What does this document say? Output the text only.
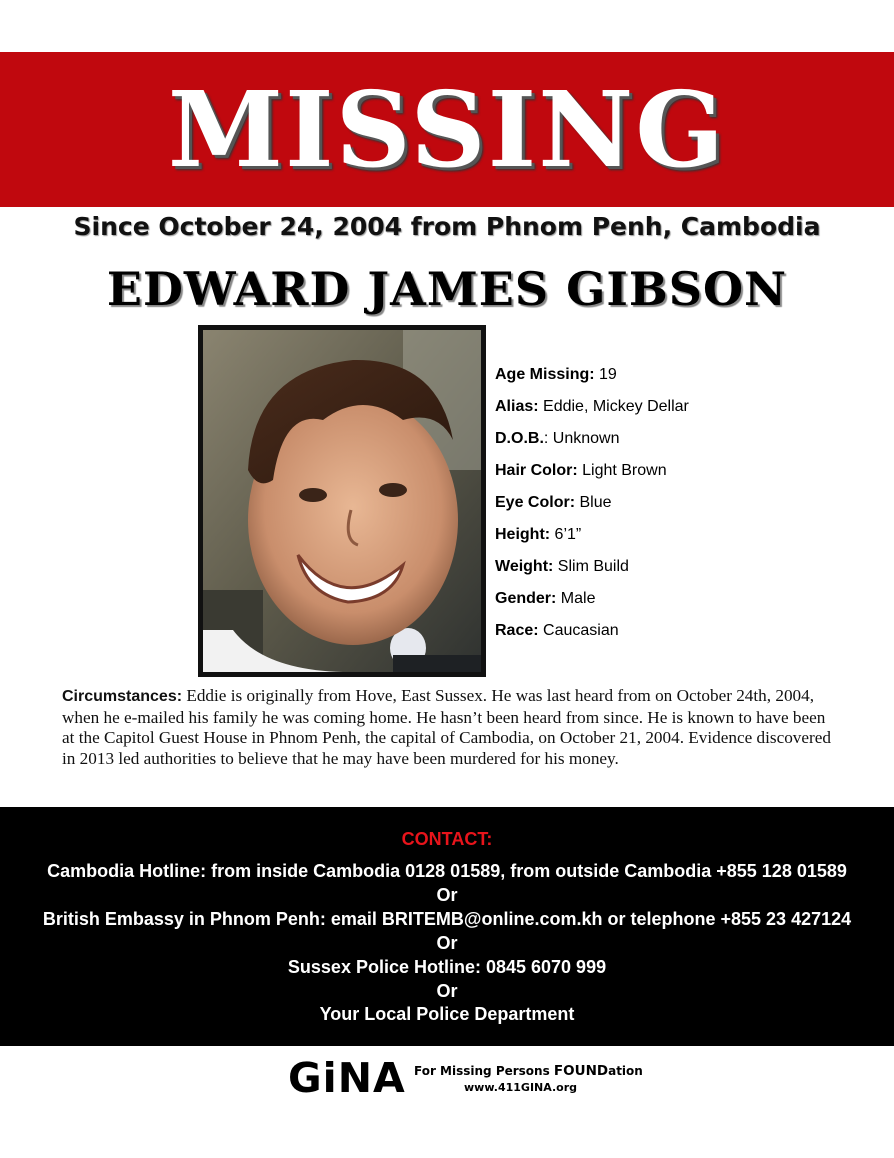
MISSING
Since October 24, 2004 from Phnom Penh, Cambodia
EDWARD JAMES GIBSON
Age Missing: 19
Alias: Eddie, Mickey Dellar
D.O.B.: Unknown
Hair Color: Light Brown
Eye Color: Blue
Height: 6’1”
Weight: Slim Build
Gender: Male
Race: Caucasian
Circumstances: Eddie is originally from Hove, East Sussex. He was last heard from on October 24th, 2004, when he e-mailed his family he was coming home. He hasn’t been heard from since. He is known to have been at the Capitol Guest House in Phnom Penh, the capital of Cambodia, on October 21, 2004. Evidence discovered in 2013 led authorities to believe that he may have been murdered for his money.
CONTACT:
Cambodia Hotline: from inside Cambodia 0128 01589, from outside Cambodia +855 128 01589
Or
British Embassy in Phnom Penh: email BRITEMB@online.com.kh or telephone +855 23 427124
Or
Sussex Police Hotline: 0845 6070 999
Or
Your Local Police Department
GiNA For Missing Persons FOUNDation
www.411GINA.org
